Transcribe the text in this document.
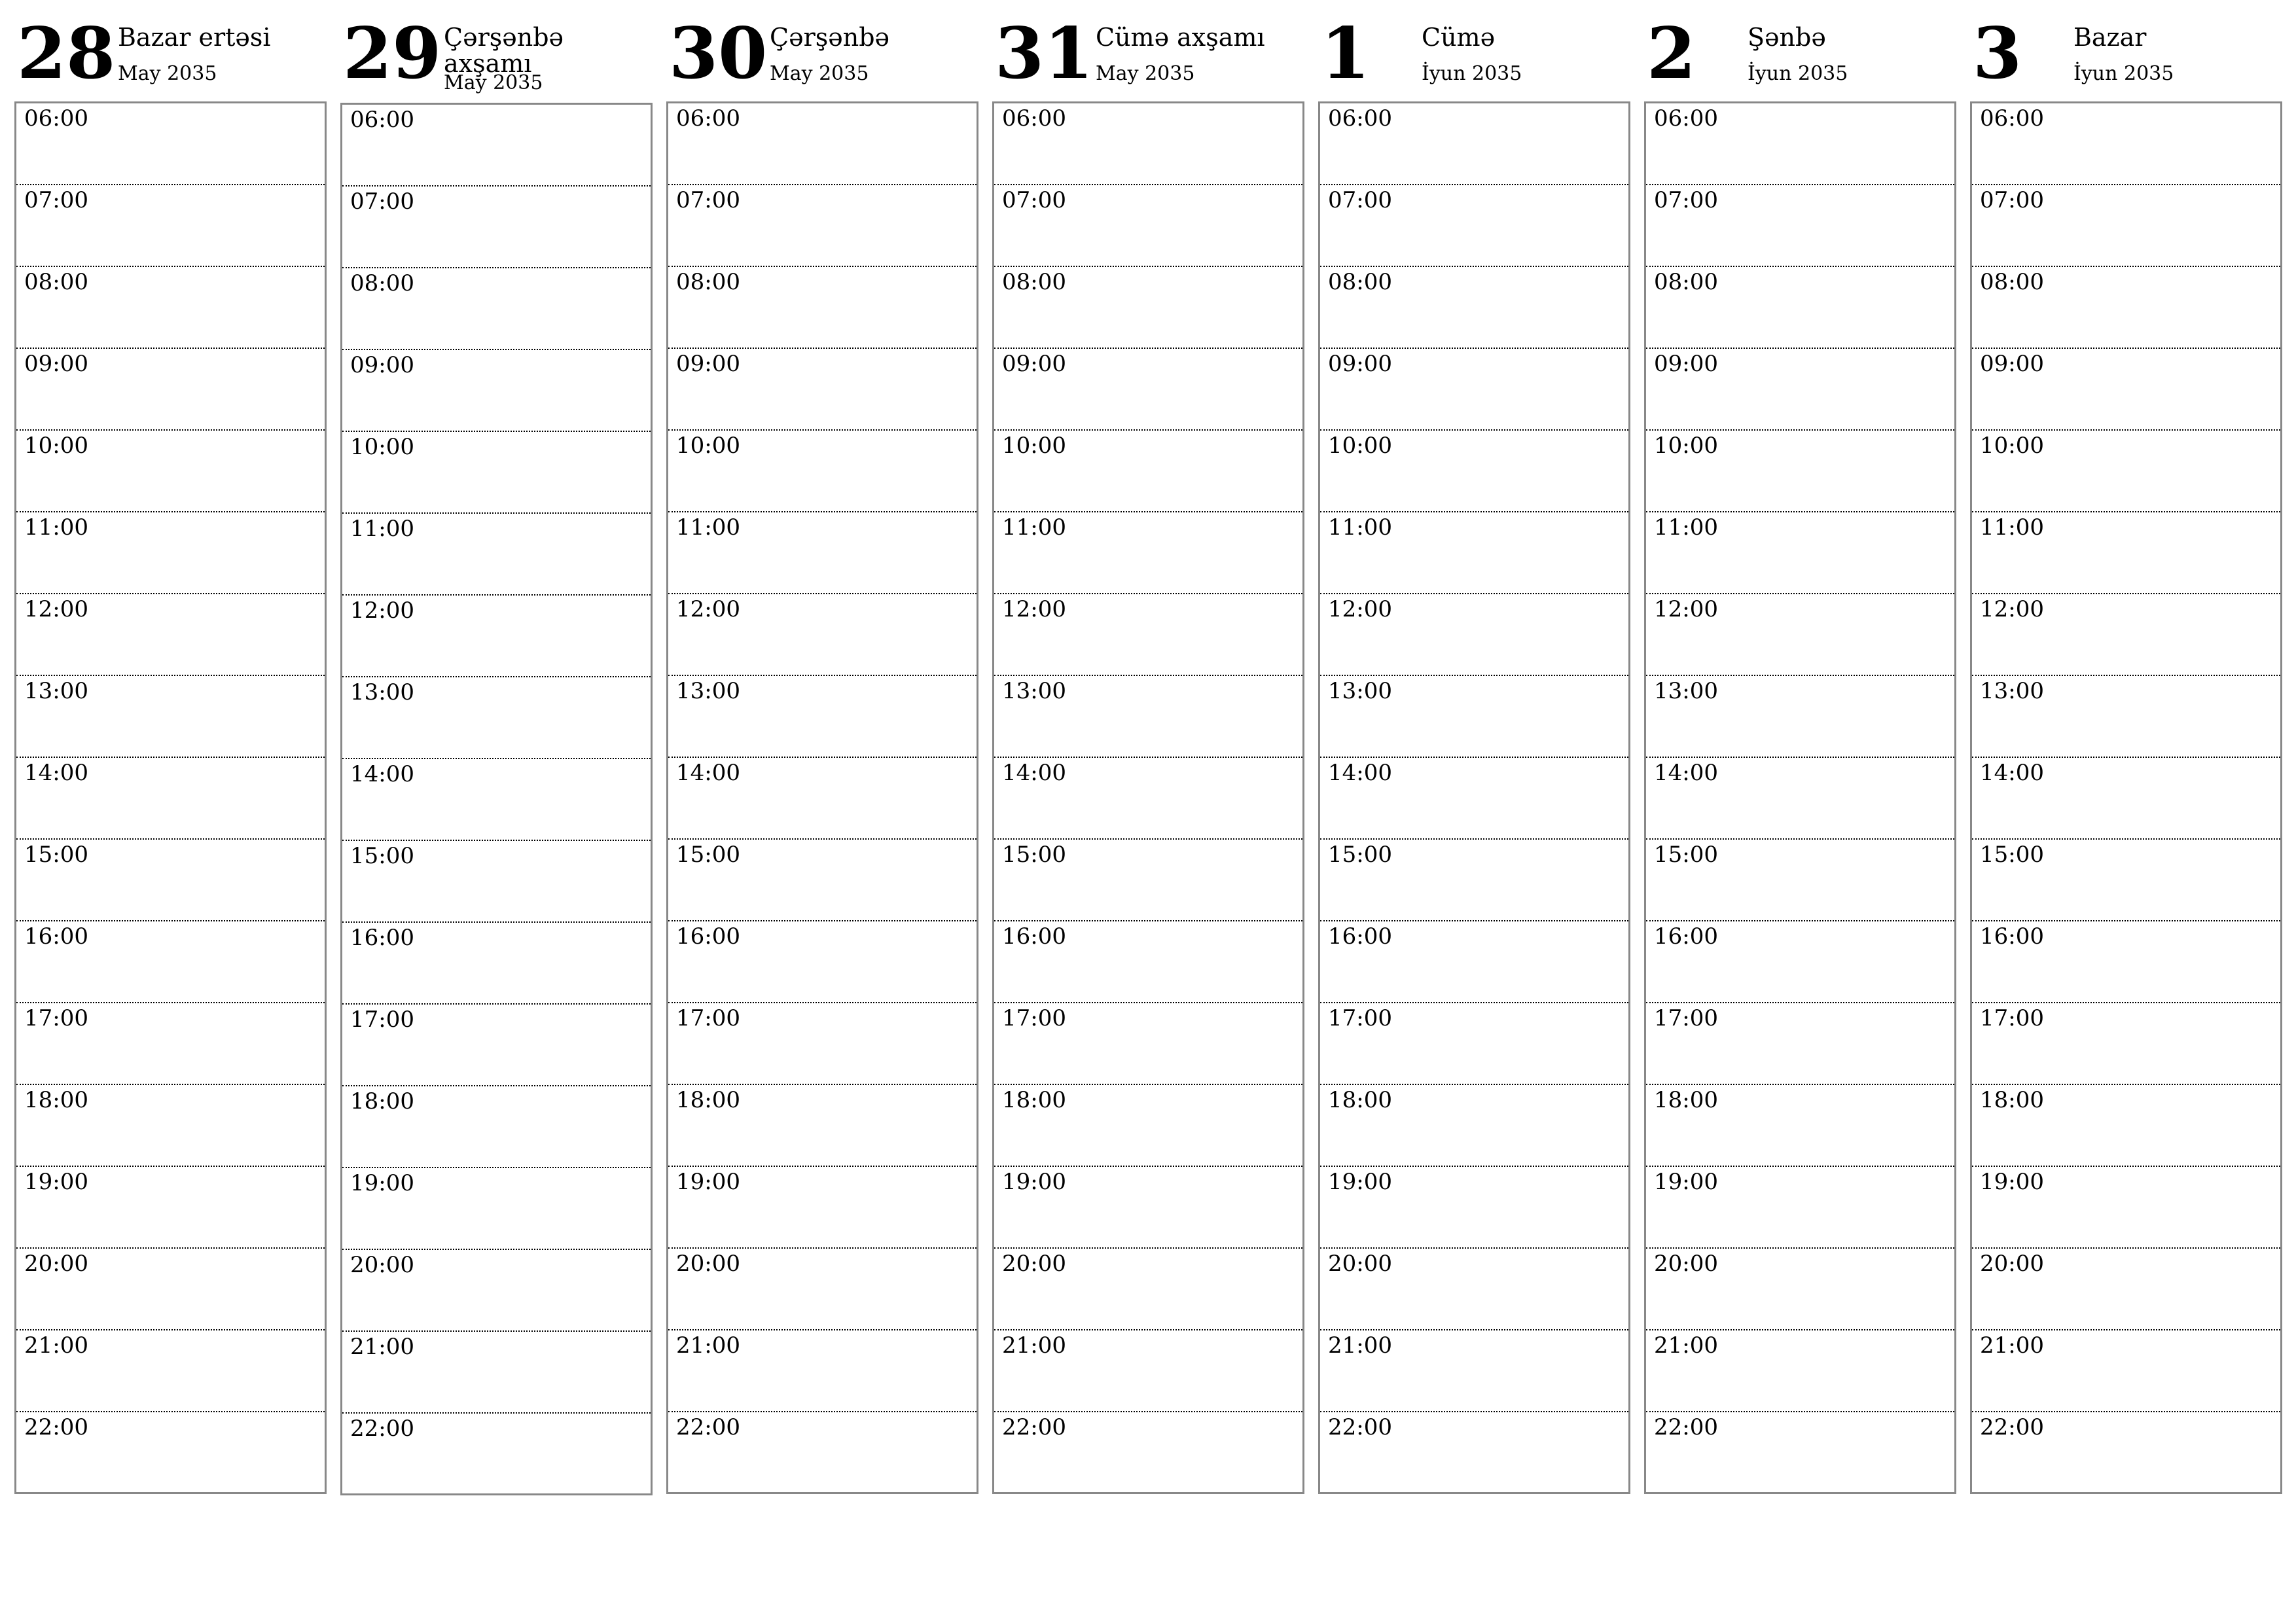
28 Bazar ertəsi
May 2035
06:00
07:00
08:00
09:00
10:00
11:00
12:00
13:00
14:00
15:00
16:00
17:00
18:00
19:00
20:00
21:00
22:00
29 Çərşənbə axşamı
May 2035
06:00
07:00
08:00
09:00
10:00
11:00
12:00
13:00
14:00
15:00
16:00
17:00
18:00
19:00
20:00
21:00
22:00
30 Çərşənbə
May 2035
06:00
07:00
08:00
09:00
10:00
11:00
12:00
13:00
14:00
15:00
16:00
17:00
18:00
19:00
20:00
21:00
22:00
31 Cümə axşamı
May 2035
06:00
07:00
08:00
09:00
10:00
11:00
12:00
13:00
14:00
15:00
16:00
17:00
18:00
19:00
20:00
21:00
22:00
1 Cümə
İyun 2035
06:00
07:00
08:00
09:00
10:00
11:00
12:00
13:00
14:00
15:00
16:00
17:00
18:00
19:00
20:00
21:00
22:00
2 Şənbə
İyun 2035
06:00
07:00
08:00
09:00
10:00
11:00
12:00
13:00
14:00
15:00
16:00
17:00
18:00
19:00
20:00
21:00
22:00
3 Bazar
İyun 2035
06:00
07:00
08:00
09:00
10:00
11:00
12:00
13:00
14:00
15:00
16:00
17:00
18:00
19:00
20:00
21:00
22:00
